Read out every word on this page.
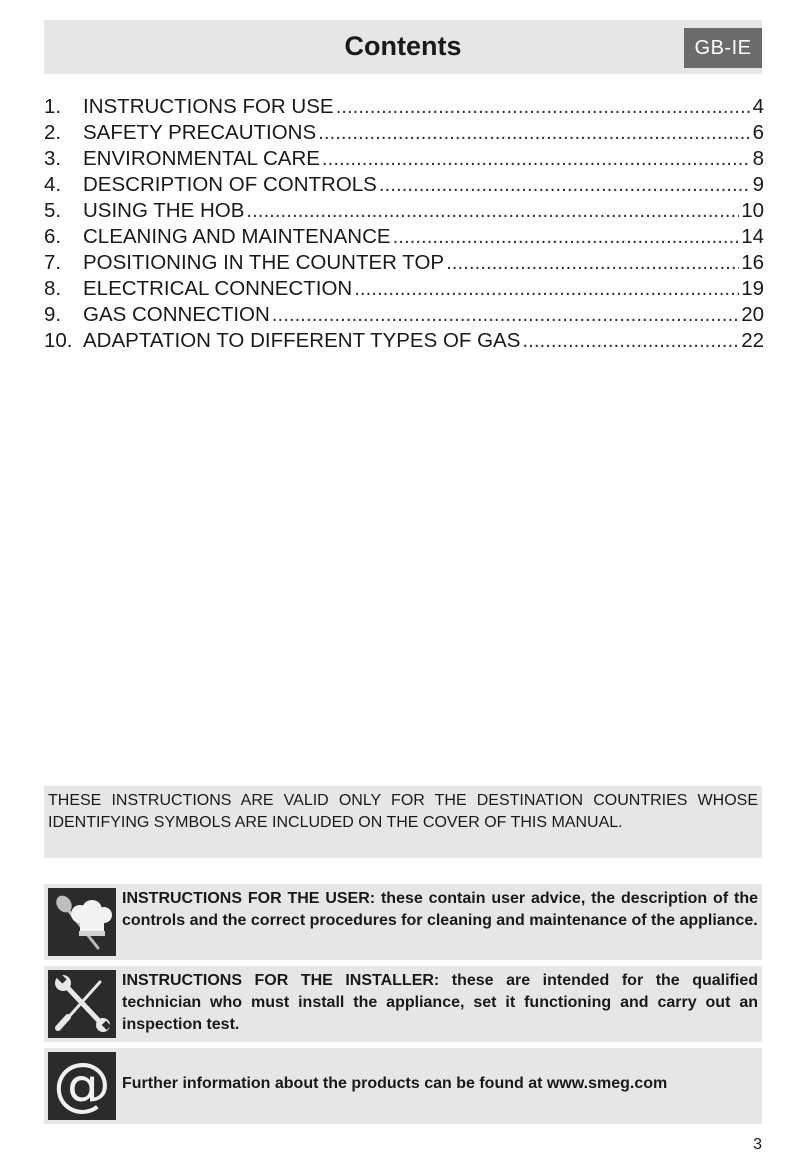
Contents	GB-IE
1.	INSTRUCTIONS FOR USE .....	4
2.	SAFETY PRECAUTIONS .....	6
3.	ENVIRONMENTAL CARE .....	8
4.	DESCRIPTION OF CONTROLS .....	9
5.	USING THE HOB .....	10
6.	CLEANING AND MAINTENANCE .....	14
7.	POSITIONING IN THE COUNTER TOP .....	16
8.	ELECTRICAL CONNECTION .....	19
9.	GAS CONNECTION .....	20
10. ADAPTATION TO DIFFERENT TYPES OF GAS .....	22

THESE INSTRUCTIONS ARE VALID ONLY FOR THE DESTINATION COUNTRIES WHOSE IDENTIFYING SYMBOLS ARE INCLUDED ON THE COVER OF THIS MANUAL.

INSTRUCTIONS FOR THE USER: these contain user advice, the description of the controls and the correct procedures for cleaning and maintenance of the appliance.

INSTRUCTIONS FOR THE INSTALLER: these are intended for the qualified technician who must install the appliance, set it functioning and carry out an inspection test.

@ Further information about the products can be found at www.smeg.com

3
